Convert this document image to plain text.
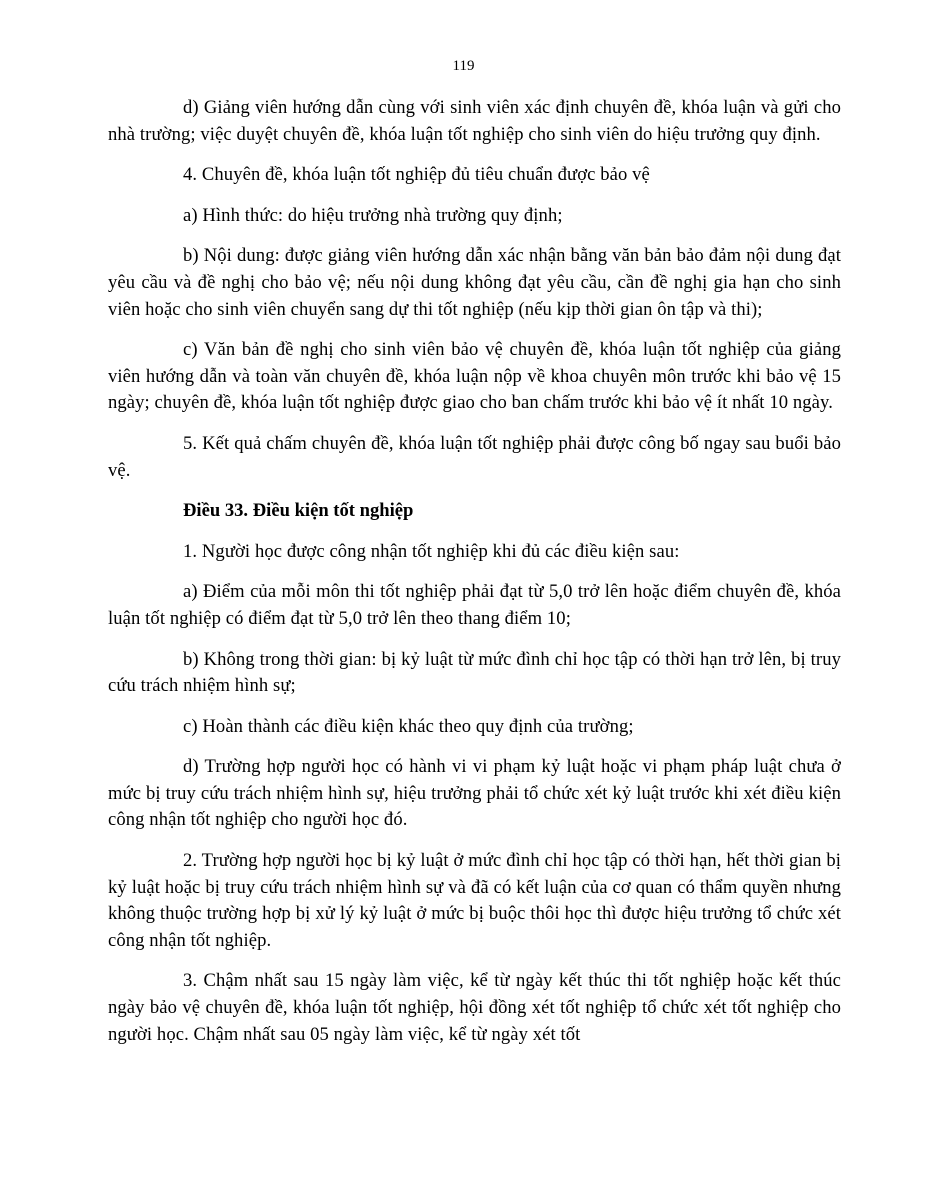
119

d) Giảng viên hướng dẫn cùng với sinh viên xác định chuyên đề, khóa luận và gửi cho nhà trường; việc duyệt chuyên đề, khóa luận tốt nghiệp cho sinh viên do hiệu trưởng quy định.

4. Chuyên đề, khóa luận tốt nghiệp đủ tiêu chuẩn được bảo vệ

a) Hình thức: do hiệu trưởng nhà trường quy định;

b) Nội dung: được giảng viên hướng dẫn xác nhận bằng văn bản bảo đảm nội dung đạt yêu cầu và đề nghị cho bảo vệ; nếu nội dung không đạt yêu cầu, cần đề nghị gia hạn cho sinh viên hoặc cho sinh viên chuyển sang dự thi tốt nghiệp (nếu kịp thời gian ôn tập và thi);

c) Văn bản đề nghị cho sinh viên bảo vệ chuyên đề, khóa luận tốt nghiệp của giảng viên hướng dẫn và toàn văn chuyên đề, khóa luận nộp về khoa chuyên môn trước khi bảo vệ 15 ngày; chuyên đề, khóa luận tốt nghiệp được giao cho ban chấm trước khi bảo vệ ít nhất 10 ngày.

5. Kết quả chấm chuyên đề, khóa luận tốt nghiệp phải được công bố ngay sau buổi bảo vệ.

Điều 33. Điều kiện tốt nghiệp

1. Người học được công nhận tốt nghiệp khi đủ các điều kiện sau:

a) Điểm của mỗi môn thi tốt nghiệp phải đạt từ 5,0 trở lên hoặc điểm chuyên đề, khóa luận tốt nghiệp có điểm đạt từ 5,0 trở lên theo thang điểm 10;

b) Không trong thời gian: bị kỷ luật từ mức đình chỉ học tập có thời hạn trở lên, bị truy cứu trách nhiệm hình sự;

c) Hoàn thành các điều kiện khác theo quy định của trường;

d) Trường hợp người học có hành vi vi phạm kỷ luật hoặc vi phạm pháp luật chưa ở mức bị truy cứu trách nhiệm hình sự, hiệu trưởng phải tổ chức xét kỷ luật trước khi xét điều kiện công nhận tốt nghiệp cho người học đó.

2. Trường hợp người học bị kỷ luật ở mức đình chỉ học tập có thời hạn, hết thời gian bị kỷ luật hoặc bị truy cứu trách nhiệm hình sự và đã có kết luận của cơ quan có thẩm quyền nhưng không thuộc trường hợp bị xử lý kỷ luật ở mức bị buộc thôi học thì được hiệu trưởng tổ chức xét công nhận tốt nghiệp.

3. Chậm nhất sau 15 ngày làm việc, kể từ ngày kết thúc thi tốt nghiệp hoặc kết thúc ngày bảo vệ chuyên đề, khóa luận tốt nghiệp, hội đồng xét tốt nghiệp tổ chức xét tốt nghiệp cho người học. Chậm nhất sau 05 ngày làm việc, kể từ ngày xét tốt
